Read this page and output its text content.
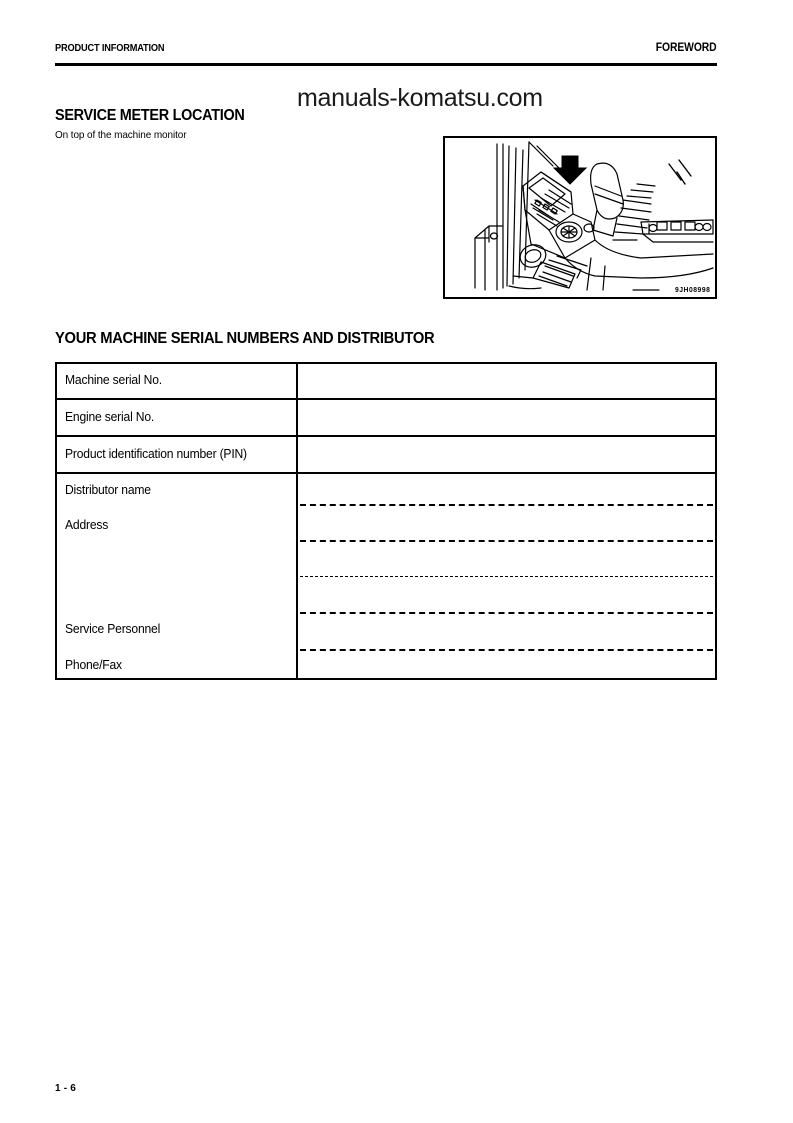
PRODUCT INFORMATION	FOREWORD
manuals-komatsu.com
SERVICE METER LOCATION
On top of the machine monitor
9JH08998
YOUR MACHINE SERIAL NUMBERS AND DISTRIBUTOR
Machine serial No.
Engine serial No.
Product identification number (PIN)
Distributor name
Address
Service Personnel
Phone/Fax
1 - 6
